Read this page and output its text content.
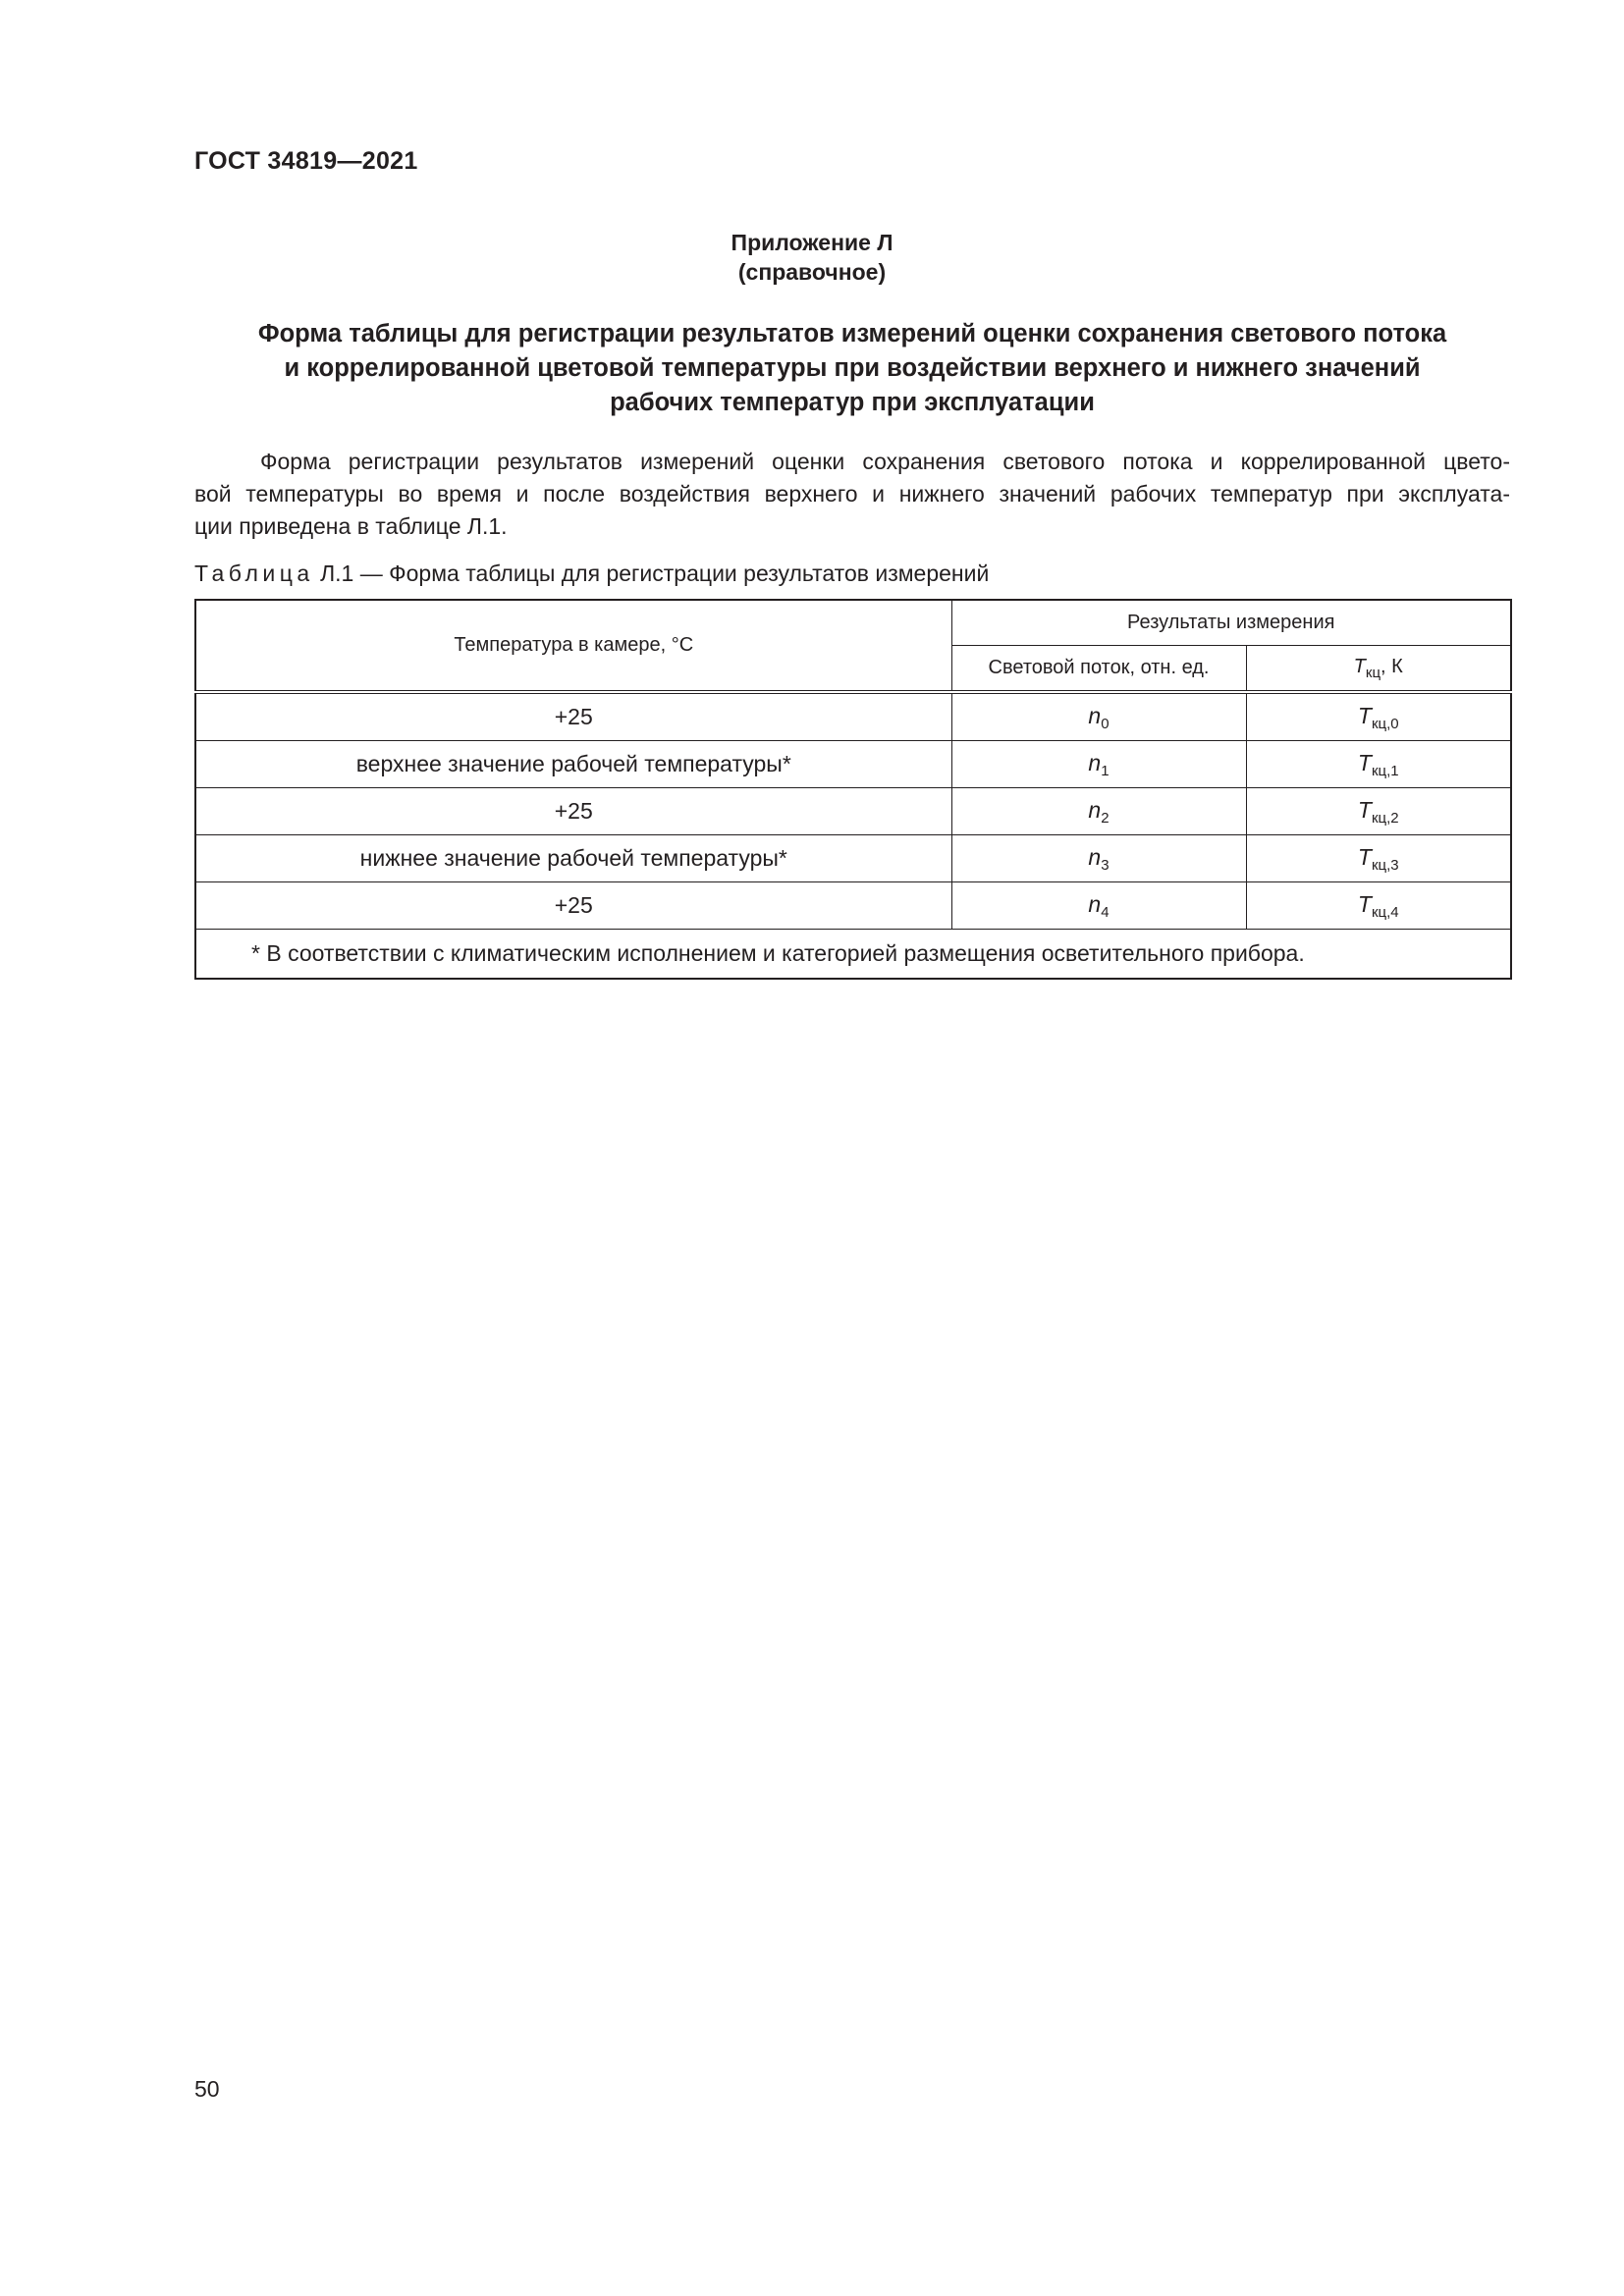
ГОСТ 34819—2021
Приложение Л
(справочное)
Форма таблицы для регистрации результатов измерений оценки сохранения светового потока
и коррелированной цветовой температуры при воздействии верхнего и нижнего значений
рабочих температур при эксплуатации

Форма регистрации результатов измерений оценки сохранения светового потока и коррелированной цвето-
вой температуры во время и после воздействия верхнего и нижнего значений рабочих температур при эксплуата-
ции приведена в таблице Л.1.

Таблица Л.1 — Форма таблицы для регистрации результатов измерений
Температура в камере, °С	Результаты измерения	
	Световой поток, отн. ед.	$T_{кц}$, К
+25	$n_0$	$T_{кц,0}$
верхнее значение рабочей температуры*	$n_1$	$T_{кц,1}$
+25	$n_2$	$T_{кц,2}$
нижнее значение рабочей температуры*	$n_3$	$T_{кц,3}$
+25	$n_4$	$T_{кц,4}$
* В соответствии с климатическим исполнением и категорией размещения осветительного прибора.		
50
